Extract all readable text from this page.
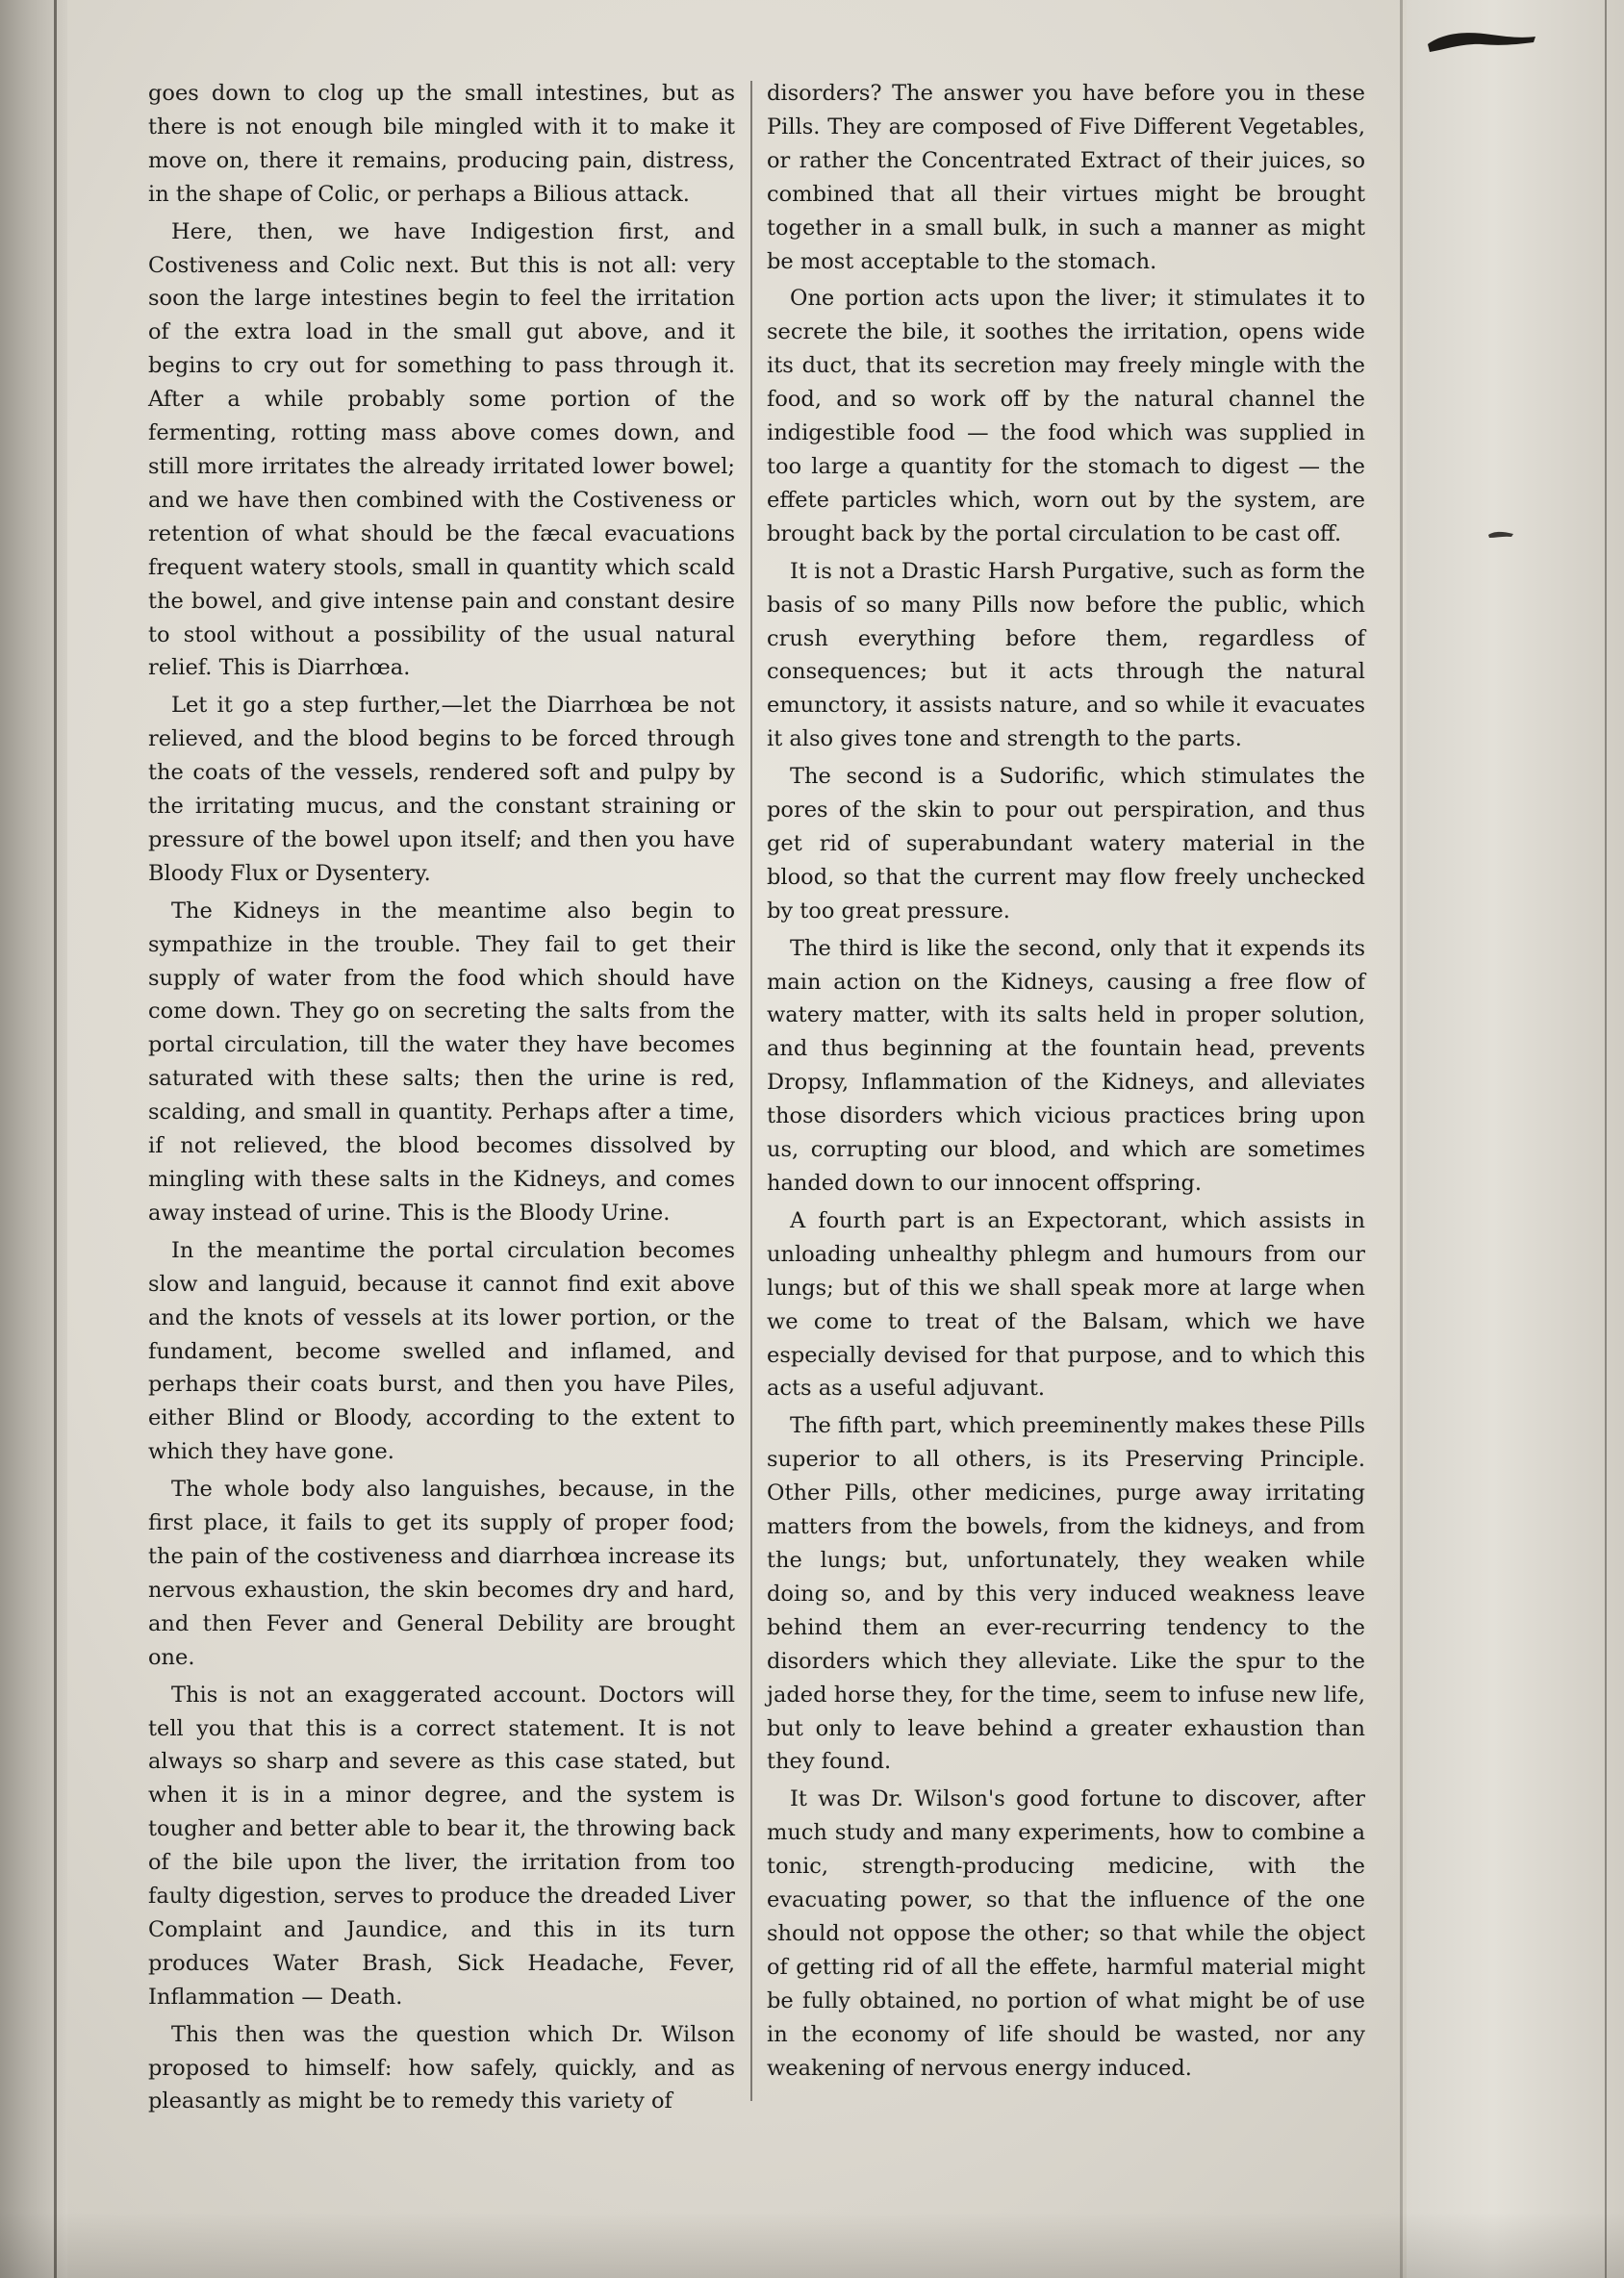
goes down to clog up the small intestines, but as there is not enough bile mingled with it to make it move on, there it remains, producing pain, distress, in the shape of Colic, or perhaps a Bilious attack.

Here, then, we have Indigestion first, and Costiveness and Colic next. But this is not all: very soon the large intestines begin to feel the irritation of the extra load in the small gut above, and it begins to cry out for something to pass through it. After a while probably some portion of the fermenting, rotting mass above comes down, and still more irritates the already irritated lower bowel; and we have then combined with the Costiveness or retention of what should be the fæcal evacuations frequent watery stools, small in quantity which scald the bowel, and give intense pain and constant desire to stool without a possibility of the usual natural relief. This is Diarrhœa.

Let it go a step further,—let the Diarrhœa be not relieved, and the blood begins to be forced through the coats of the vessels, rendered soft and pulpy by the irritating mucus, and the constant straining or pressure of the bowel upon itself; and then you have Bloody Flux or Dysentery.

The Kidneys in the meantime also begin to sympathize in the trouble. They fail to get their supply of water from the food which should have come down. They go on secreting the salts from the portal circulation, till the water they have becomes saturated with these salts; then the urine is red, scalding, and small in quantity. Perhaps after a time, if not relieved, the blood becomes dissolved by mingling with these salts in the Kidneys, and comes away instead of urine. This is the Bloody Urine.

In the meantime the portal circulation becomes slow and languid, because it cannot find exit above and the knots of vessels at its lower portion, or the fundament, become swelled and inflamed, and perhaps their coats burst, and then you have Piles, either Blind or Bloody, according to the extent to which they have gone.

The whole body also languishes, because, in the first place, it fails to get its supply of proper food; the pain of the costiveness and diarrhœa increase its nervous exhaustion, the skin becomes dry and hard, and then Fever and General Debility are brought one.

This is not an exaggerated account. Doctors will tell you that this is a correct statement. It is not always so sharp and severe as this case stated, but when it is in a minor degree, and the system is tougher and better able to bear it, the throwing back of the bile upon the liver, the irritation from too faulty digestion, serves to produce the dreaded Liver Complaint and Jaundice, and this in its turn produces Water Brash, Sick Headache, Fever, Inflammation — Death.

This then was the question which Dr. Wilson proposed to himself: how safely, quickly, and as pleasantly as might be to remedy this variety of

disorders? The answer you have before you in these Pills. They are composed of Five Different Vegetables, or rather the Concentrated Extract of their juices, so combined that all their virtues might be brought together in a small bulk, in such a manner as might be most acceptable to the stomach.

One portion acts upon the liver; it stimulates it to secrete the bile, it soothes the irritation, opens wide its duct, that its secretion may freely mingle with the food, and so work off by the natural channel the indigestible food — the food which was supplied in too large a quantity for the stomach to digest — the effete particles which, worn out by the system, are brought back by the portal circulation to be cast off.

It is not a Drastic Harsh Purgative, such as form the basis of so many Pills now before the public, which crush everything before them, regardless of consequences; but it acts through the natural emunctory, it assists nature, and so while it evacuates it also gives tone and strength to the parts.

The second is a Sudorific, which stimulates the pores of the skin to pour out perspiration, and thus get rid of superabundant watery material in the blood, so that the current may flow freely unchecked by too great pressure.

The third is like the second, only that it expends its main action on the Kidneys, causing a free flow of watery matter, with its salts held in proper solution, and thus beginning at the fountain head, prevents Dropsy, Inflammation of the Kidneys, and alleviates those disorders which vicious practices bring upon us, corrupting our blood, and which are sometimes handed down to our innocent offspring.

A fourth part is an Expectorant, which assists in unloading unhealthy phlegm and humours from our lungs; but of this we shall speak more at large when we come to treat of the Balsam, which we have especially devised for that purpose, and to which this acts as a useful adjuvant.

The fifth part, which preeminently makes these Pills superior to all others, is its Preserving Principle. Other Pills, other medicines, purge away irritating matters from the bowels, from the kidneys, and from the lungs; but, unfortunately, they weaken while doing so, and by this very induced weakness leave behind them an ever-recurring tendency to the disorders which they alleviate. Like the spur to the jaded horse they, for the time, seem to infuse new life, but only to leave behind a greater exhaustion than they found.

It was Dr. Wilson's good fortune to discover, after much study and many experiments, how to combine a tonic, strength-producing medicine, with the evacuating power, so that the influence of the one should not oppose the other; so that while the object of getting rid of all the effete, harmful material might be fully obtained, no portion of what might be of use in the economy of life should be wasted, nor any weakening of nervous energy induced.
